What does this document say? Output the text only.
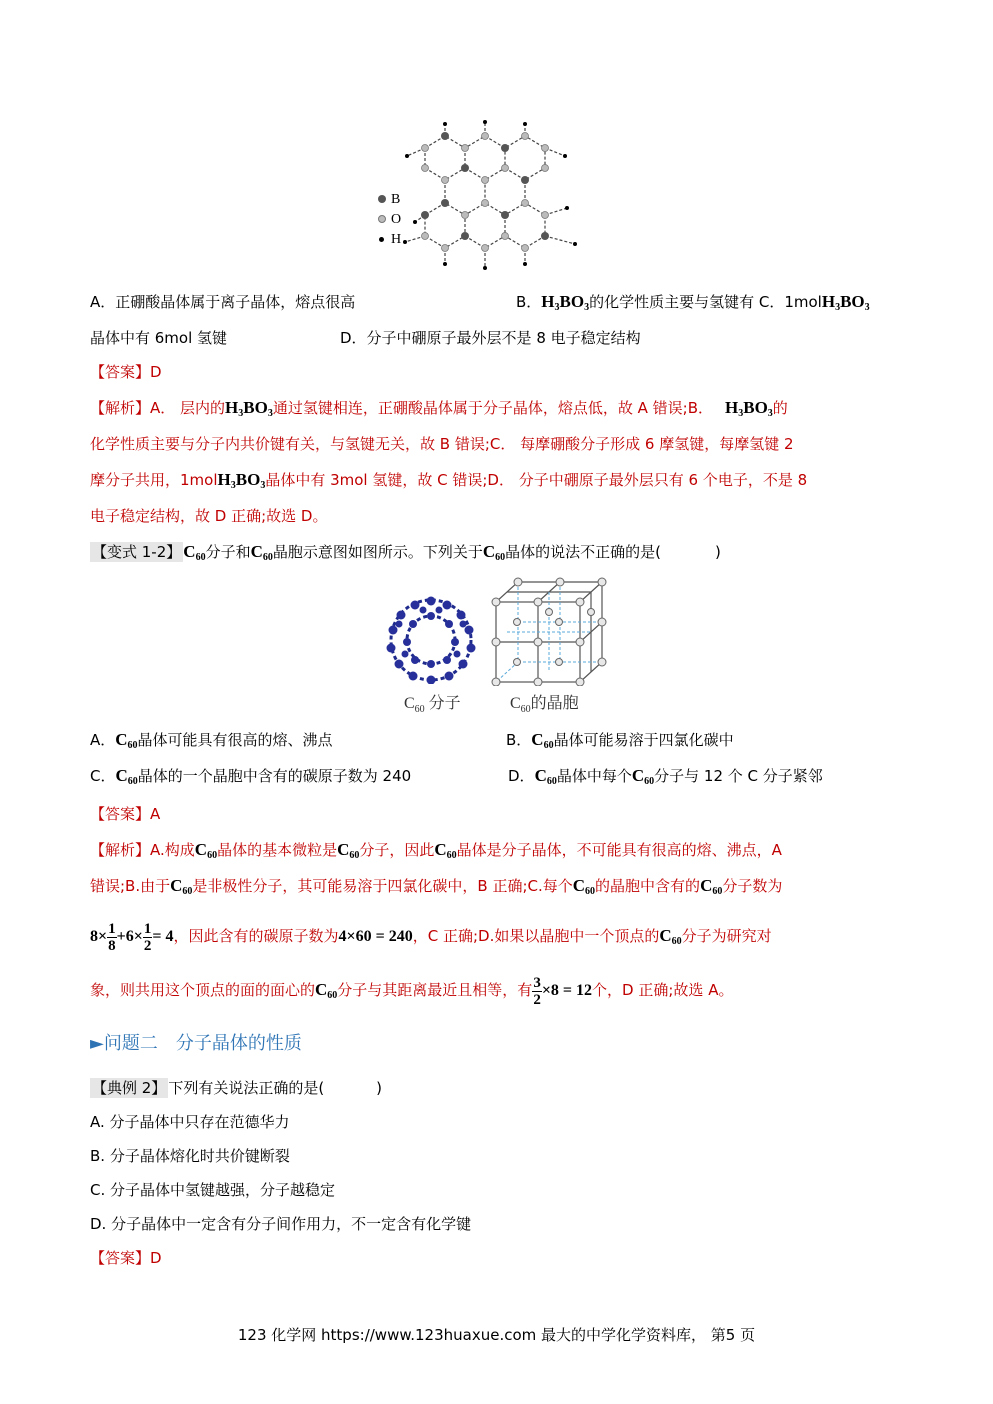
B
O
H
A．正硼酸晶体属于离子晶体，熔点很高	B．$H_3BO_3$的化学性质主要与氢键有 C．$1molH_3BO_3$
晶体中有 6mol 氢键	D．分子中硼原子最外层不是 8 电子稳定结构
【答案】D
【解析】A． 层内的$H_3BO_3$通过氢键相连，正硼酸晶体属于分子晶体，熔点低，故 A 错误;B． $H_3BO_3$的
化学性质主要与分子内共价键有关，与氢键无关，故 B 错误;C． 每摩硼酸分子形成 6 摩氢键，每摩氢键 2
摩分子共用，$1molH_3BO_3$晶体中有 3mol 氢键，故 C 错误;D． 分子中硼原子最外层只有 6 个电子，不是 8
电子稳定结构，故 D 正确;故选 D。
【变式 1-2】 $C_{60}$分子和$C_{60}$晶胞示意图如图所示。下列关于$C_{60}$晶体的说法不正确的是(	)
$C_{60}$ 分子	$C_{60}$的晶胞
A．$C_{60}$晶体可能具有很高的熔、沸点	B．$C_{60}$晶体可能易溶于四氯化碳中
C．$C_{60}$晶体的一个晶胞中含有的碳原子数为 240	D．$C_{60}$晶体中每个$C_{60}$分子与 12 个 C 分子紧邻
【答案】A
【解析】A.构成$C_{60}$晶体的基本微粒是$C_{60}$分子，因此$C_{60}$晶体是分子晶体，不可能具有很高的熔、沸点，A
错误;B.由于$C_{60}$是非极性分子，其可能易溶于四氯化碳中，B 正确;C.每个$C_{60}$的晶胞中含有的$C_{60}$分子数为
$8\times \frac{1}{8} +6\times \frac{1}{2} = 4$，因此含有的碳原子数为4×60 = 240，C 正确;D.如果以晶胞中一个顶点的$C_{60}$分子为研究对
象，则共用这个顶点的面的面心的$C_{60}$分子与其距离最近且相等，有 $\frac{3}{2} \times 8 = 12$个，D 正确;故选 A。
►问题二　分子晶体的性质
【典例 2】 下列有关说法正确的是(	)
A. 分子晶体中只存在范德华力
B. 分子晶体熔化时共价键断裂
C. 分子晶体中氢键越强，分子越稳定
D. 分子晶体中一定含有分子间作用力，不一定含有化学键
【答案】D
123 化学网 https://www.123huaxue.com 最大的中学化学资料库， 第5 页
